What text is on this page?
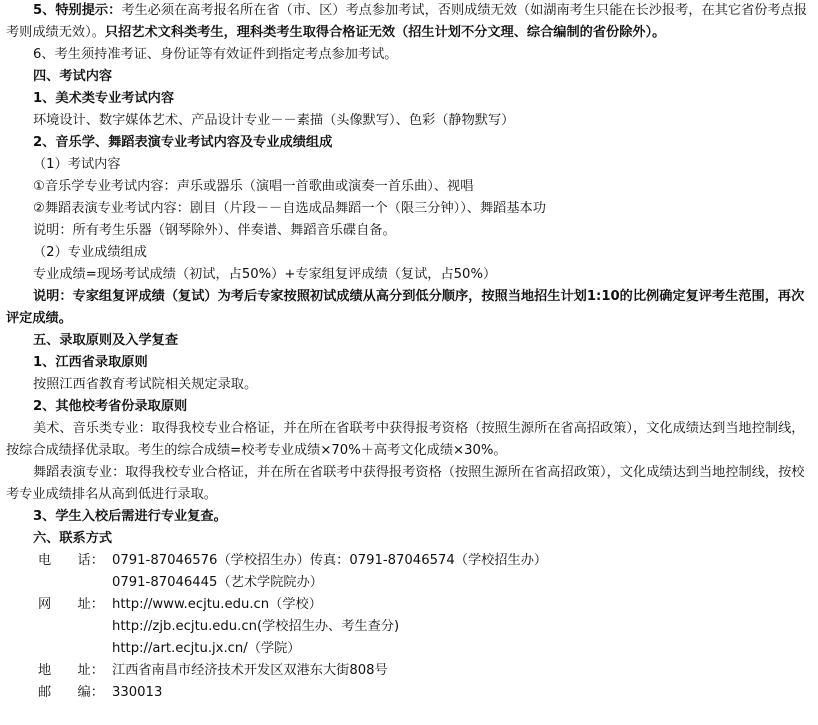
5、特别提示：考生必须在高考报名所在省（市、区）考点参加考试，否则成绩无效（如湖南考生只能在长沙报考，在其它省份考点报考则成绩无效）。只招艺术文科类考生，理科类考生取得合格证无效（招生计划不分文理、综合编制的省份除外）。
6、考生须持准考证、身份证等有效证件到指定考点参加考试。
四、考试内容
1、美术类专业考试内容
环境设计、数字媒体艺术、产品设计专业－－素描（头像默写）、色彩（静物默写）
2、音乐学、舞蹈表演专业考试内容及专业成绩组成
（1）考试内容
①音乐学专业考试内容：声乐或器乐（演唱一首歌曲或演奏一首乐曲）、视唱
②舞蹈表演专业考试内容：剧目（片段－－自选成品舞蹈一个（限三分钟））、舞蹈基本功
说明：所有考生乐器（钢琴除外）、伴奏谱、舞蹈音乐碟自备。
（2）专业成绩组成
专业成绩=现场考试成绩（初试，占50%）+专家组复评成绩（复试，占50%）
说明：专家组复评成绩（复试）为考后专家按照初试成绩从高分到低分顺序，按照当地招生计划1:10的比例确定复评考生范围，再次评定成绩。
五、录取原则及入学复查
1、江西省录取原则
按照江西省教育考试院相关规定录取。
2、其他校考省份录取原则
美术、音乐类专业：取得我校专业合格证，并在所在省联考中获得报考资格（按照生源所在省高招政策），文化成绩达到当地控制线，按综合成绩择优录取。考生的综合成绩=校考专业成绩×70%＋高考文化成绩×30%。
舞蹈表演专业：取得我校专业合格证，并在所在省联考中获得报考资格（按照生源所在省高招政策），文化成绩达到当地控制线，按校考专业成绩排名从高到低进行录取。
3、学生入校后需进行专业复查。
六、联系方式
电　　话： 0791-87046576（学校招生办）传真：0791-87046574（学校招生办）
0791-87046445（艺术学院院办）
网　　址： http://www.ecjtu.edu.cn（学校）
http://zjb.ecjtu.edu.cn(学校招生办、考生查分)
http://art.ecjtu.jx.cn/（学院）
地　　址： 江西省南昌市经济技术开发区双港东大街808号
邮　　编： 330013
